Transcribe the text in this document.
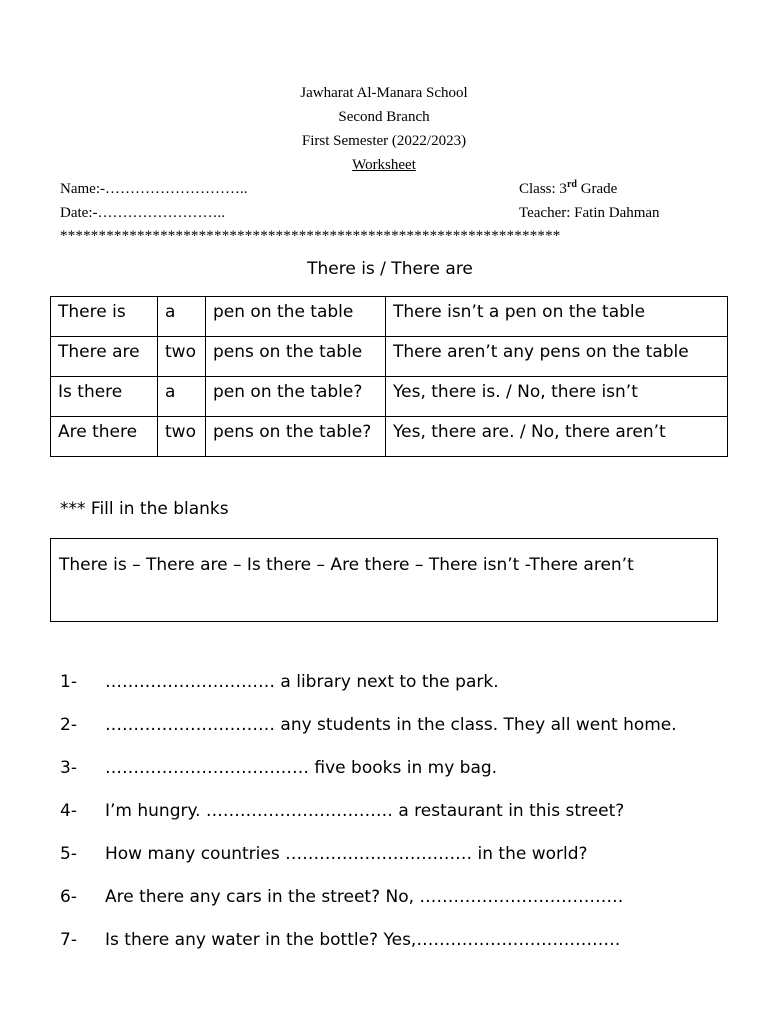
Jawharat Al-Manara School
Second Branch
First Semester (2022/2023)
Worksheet
Name:-………………………..	Class: 3rd Grade
Date:-……………………..	Teacher: Fatin Dahman
*****************************************************************
There is / There are
There is	a	pen on the table	There isn’t a pen on the table
There are	two	pens on the table	There aren’t any pens on the table
Is there	a	pen on the table?	Yes, there is. / No, there isn’t
Are there	two	pens on the table?	Yes, there are. / No, there aren’t
*** Fill in the blanks
There is – There are – Is there – Are there – There isn’t -There aren’t
1- ………………………… a library next to the park.
2- ………………………… any students in the class. They all went home.
3- ……………………………… five books in my bag.
4- I’m hungry. …………………………… a restaurant in this street?
5- How many countries …………………………… in the world?
6- Are there any cars in the street? No, ………………………………
7- Is there any water in the bottle? Yes,………………………………
